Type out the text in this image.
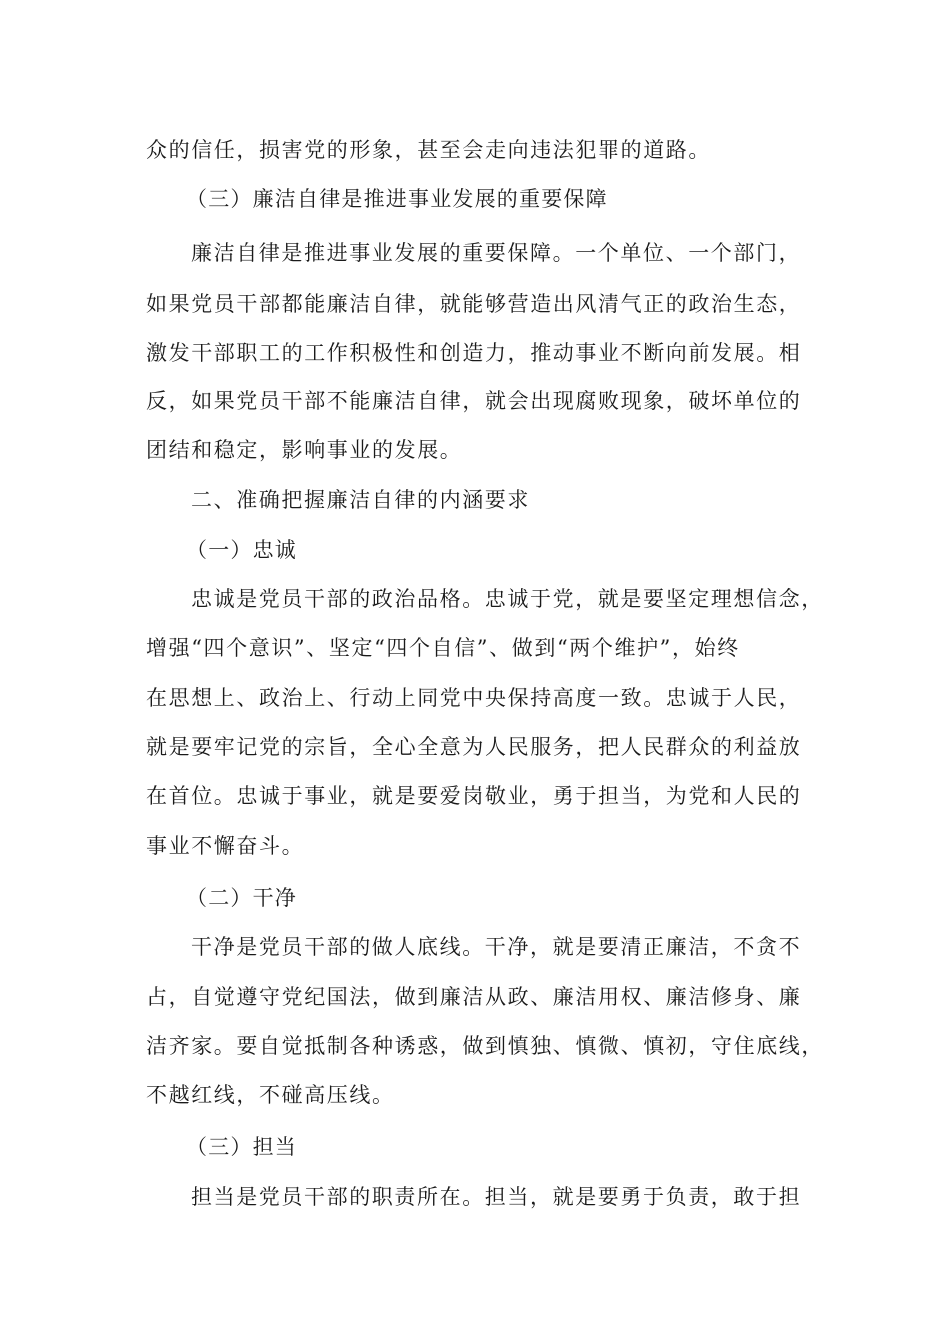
众的信任，损害党的形象，甚至会走向违法犯罪的道路。
（三）廉洁自律是推进事业发展的重要保障
廉洁自律是推进事业发展的重要保障。一个单位、一个部门，
如果党员干部都能廉洁自律，就能够营造出风清气正的政治生态，
激发干部职工的工作积极性和创造力，推动事业不断向前发展。相
反，如果党员干部不能廉洁自律，就会出现腐败现象，破坏单位的
团结和稳定，影响事业的发展。
二、准确把握廉洁自律的内涵要求
（一）忠诚
忠诚是党员干部的政治品格。忠诚于党，就是要坚定理想信念，
增强“四个意识”、坚定“四个自信”、做到“两个维护”，始终
在思想上、政治上、行动上同党中央保持高度一致。忠诚于人民，
就是要牢记党的宗旨，全心全意为人民服务，把人民群众的利益放
在首位。忠诚于事业，就是要爱岗敬业，勇于担当，为党和人民的
事业不懈奋斗。
（二）干净
干净是党员干部的做人底线。干净，就是要清正廉洁，不贪不
占，自觉遵守党纪国法，做到廉洁从政、廉洁用权、廉洁修身、廉
洁齐家。要自觉抵制各种诱惑，做到慎独、慎微、慎初，守住底线，
不越红线，不碰高压线。
（三）担当
担当是党员干部的职责所在。担当，就是要勇于负责，敢于担
